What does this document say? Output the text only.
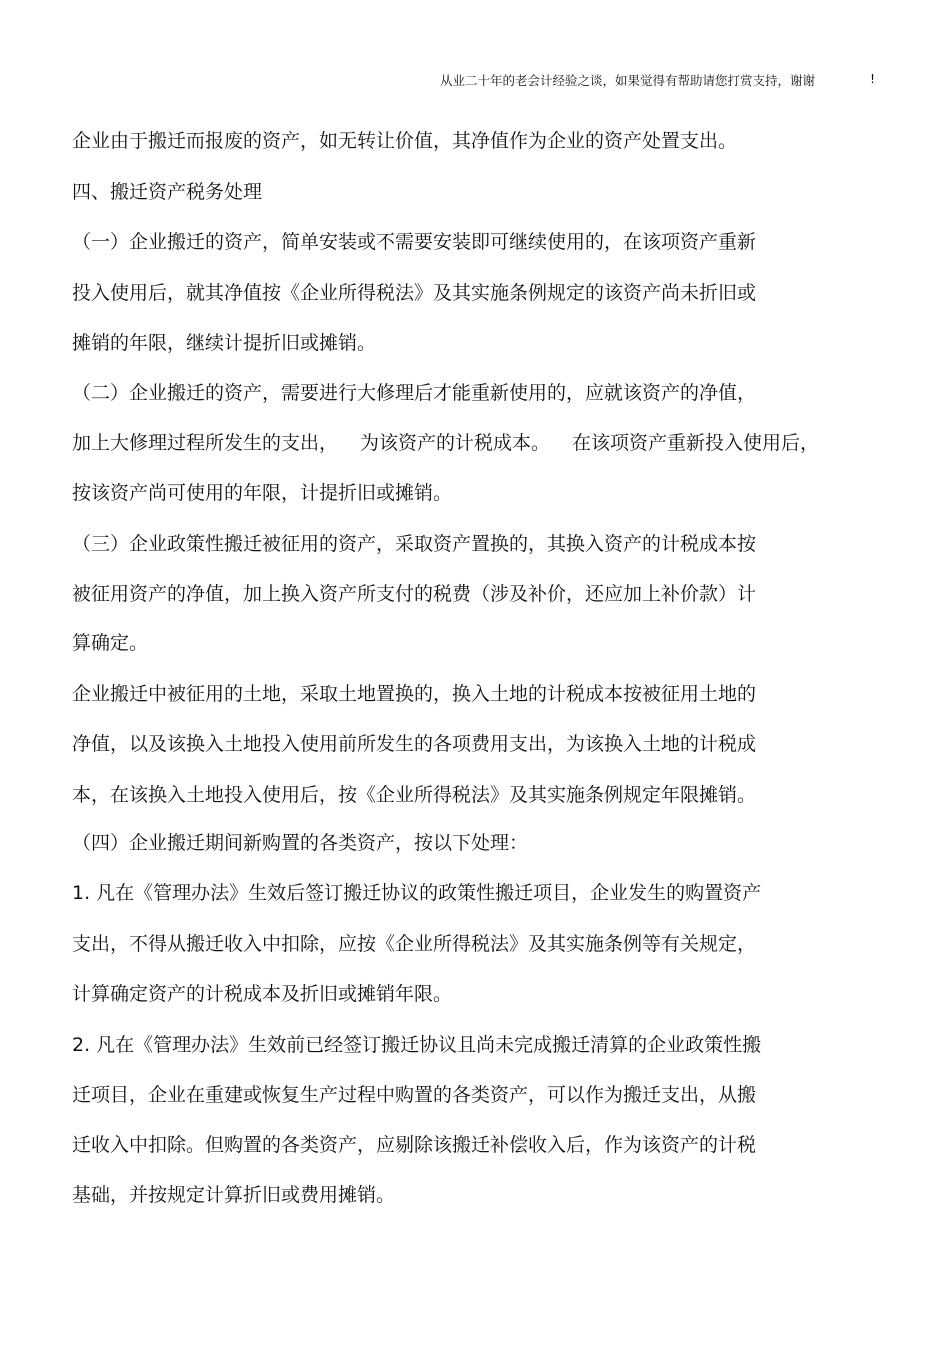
从业二十年的老会计经验之谈，如果觉得有帮助请您打赏支持，谢谢	!
企业由于搬迁而报废的资产，如无转让价值，其净值作为企业的资产处置支出。
四、搬迁资产税务处理
（一）企业搬迁的资产，简单安装或不需要安装即可继续使用的，在该项资产重新
投入使用后，就其净值按《企业所得税法》及其实施条例规定的该资产尚未折旧或
摊销的年限，继续计提折旧或摊销。
（二）企业搬迁的资产，需要进行大修理后才能重新使用的，应就该资产的净值，
加上大修理过程所发生的支出， 为该资产的计税成本。 在该项资产重新投入使用后，
按该资产尚可使用的年限，计提折旧或摊销。
（三）企业政策性搬迁被征用的资产，采取资产置换的，其换入资产的计税成本按
被征用资产的净值，加上换入资产所支付的税费（涉及补价，还应加上补价款）计
算确定。
企业搬迁中被征用的土地，采取土地置换的，换入土地的计税成本按被征用土地的
净值，以及该换入土地投入使用前所发生的各项费用支出，为该换入土地的计税成
本，在该换入土地投入使用后，按《企业所得税法》及其实施条例规定年限摊销。
（四）企业搬迁期间新购置的各类资产，按以下处理：
1. 凡在《管理办法》生效后签订搬迁协议的政策性搬迁项目，企业发生的购置资产
支出，不得从搬迁收入中扣除，应按《企业所得税法》及其实施条例等有关规定，
计算确定资产的计税成本及折旧或摊销年限。
2. 凡在《管理办法》生效前已经签订搬迁协议且尚未完成搬迁清算的企业政策性搬
迁项目，企业在重建或恢复生产过程中购置的各类资产，可以作为搬迁支出，从搬
迁收入中扣除。但购置的各类资产，应剔除该搬迁补偿收入后，作为该资产的计税
基础，并按规定计算折旧或费用摊销。
